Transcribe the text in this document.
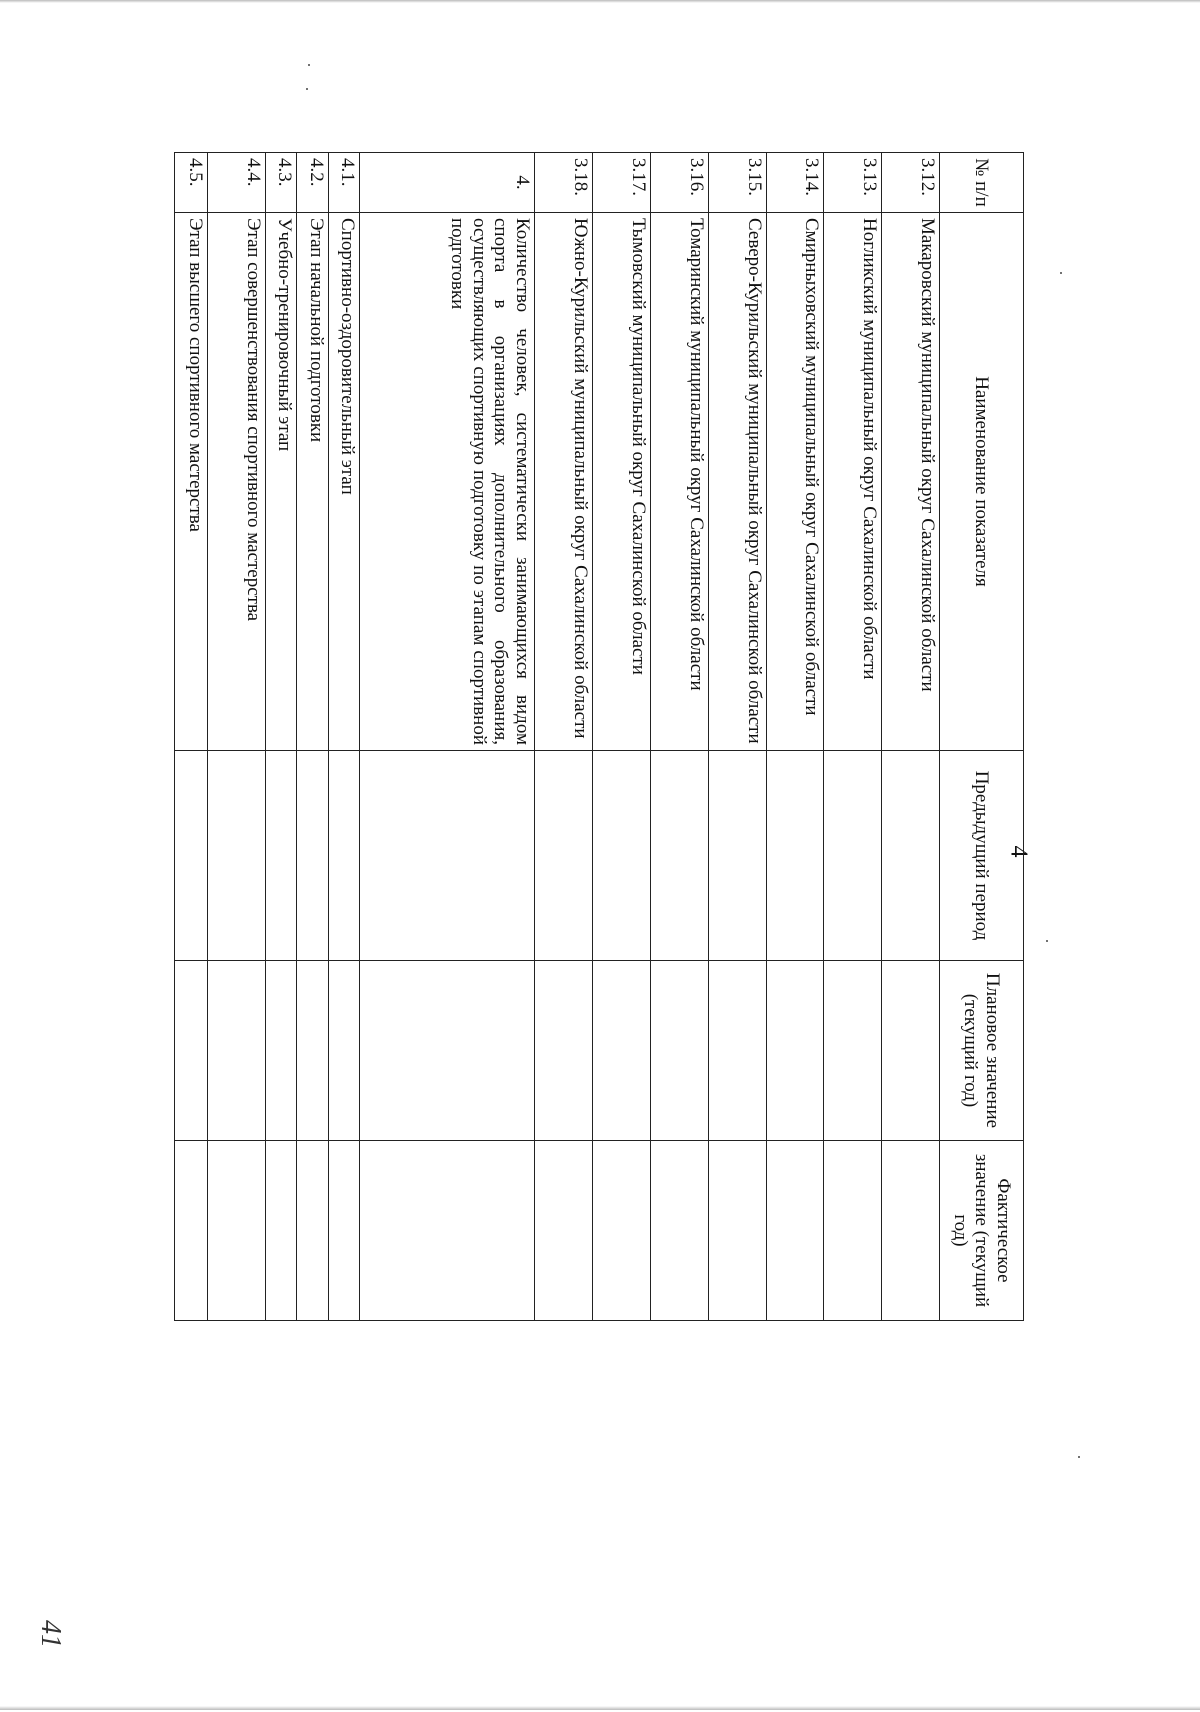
4
№ п/п	Наименование показателя	Предыдущий период	Плановое значение (текущий год)	Фактическое значение (текущий год)
3.12.	Макаровский муниципальный округ Сахалинской области			
3.13.	Ногликский муниципальный округ Сахалинской области			
3.14.	Смирныховский муниципальный округ Сахалинской области			
3.15.	Северо-Курильский муниципальный округ Сахалинской области			
3.16.	Томаринский муниципальный округ Сахалинской области			
3.17.	Тымовский муниципальный округ Сахалинской области			
3.18.	Южно-Курильский муниципальный округ Сахалинской области			
4.	Количество человек, систематически занимающихся видом спорта в организациях дополнительного образования, осуществляющих спортивную подготовку по этапам спортивной подготовки			
4.1.	Спортивно-оздоровительный этап			
4.2.	Этап начальной подготовки			
4.3.	Учебно-тренировочный этап			
4.4.	Этап совершенствования спортивного мастерства			
4.5.	Этап высшего спортивного мастерства			
41
